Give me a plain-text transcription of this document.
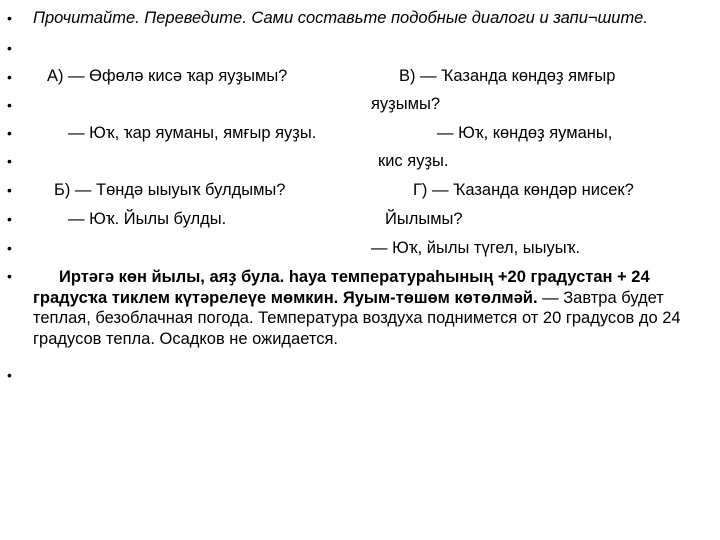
•
•
•
•
•
•
•
•
•
•
•
Прочитайте. Переведите. Сами составьте подобные диалоги и запи¬шите.
А) — Өфөлә кисә ҡар яуҙымы?
— Юҡ, ҡар яуманы, ямғыр яуҙы.
Б) — Төндә ыыуыҡ булдымы?
— Юҡ. Йылы булды.
В) — Ҡазанда көндөҙ ямғыр
яуҙымы?
— Юҡ, көндөҙ яуманы,
кис яуҙы.
Г) — Ҡазанда көндәр нисек?
Йылымы?
— Юҡ, йылы түгел, ыыуыҡ.
Иртәгә көн йылы, аяҙ була. hауа температураһының +20 градустан + 24 градусҡа тиклем күтәрелеүе мөмкин. Яуым-төшөм көтөлмәй. — Завтра будет теплая, безоблачная погода. Температура воздуха поднимется от 20 градусов до 24 градусов тепла. Осадков не ожидается.
